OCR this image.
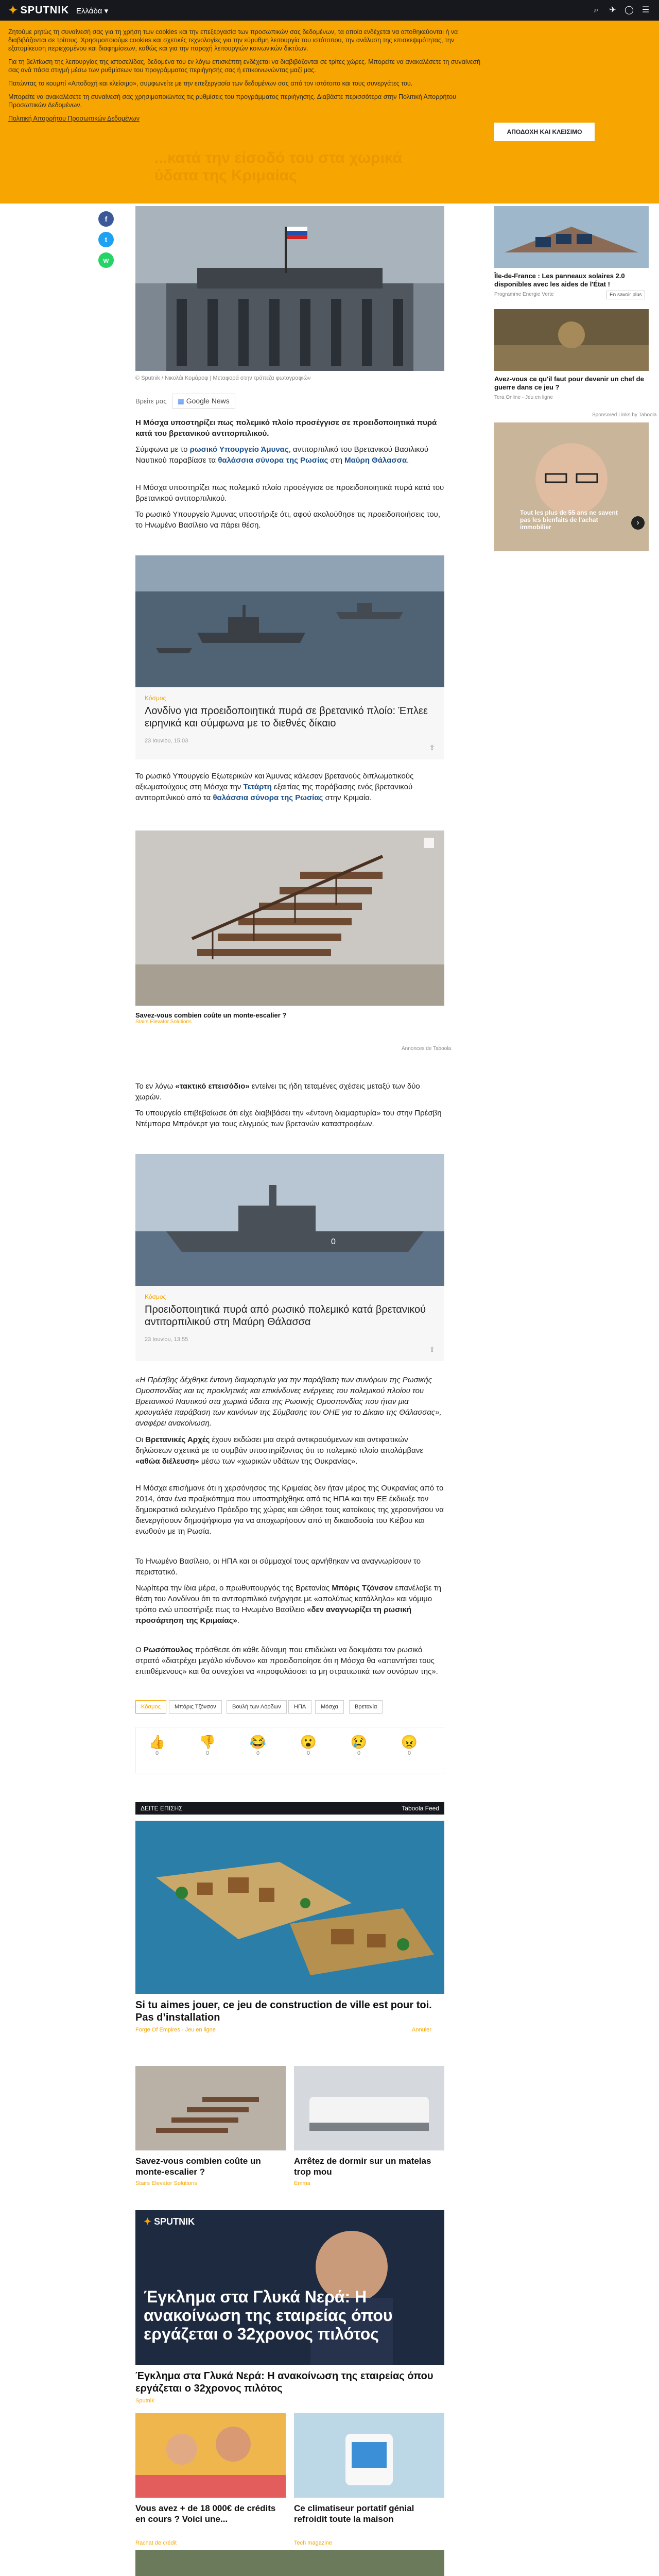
✦ SPUTNIK Ελλάδα ▾	⌕	✈ ◯ ☰
...κατά την είσοδό του στα χωρικά ύδατα της Κριμαίας

Ζητούμε ρητώς τη συναίνεσή σας για τη χρήση των cookies και την επεξεργασία των προσωπικών σας δεδομένων, τα οποία ενδέχεται να αποθηκεύονται ή να διαβιβάζονται σε τρίτους. Χρησιμοποιούμε cookies και σχετικές τεχνολογίες για την εύρυθμη λειτουργία του ιστότοπου, την ανάλυση της επισκεψιμότητας, την εξατομίκευση περιεχομένου και διαφημίσεων, καθώς και για την παροχή λειτουργιών κοινωνικών δικτύων.

Για τη βελτίωση της λειτουργίας της ιστοσελίδας, δεδομένα του εν λόγω επισκέπτη ενδέχεται να διαβιβάζονται σε τρίτες χώρες. Μπορείτε να ανακαλέσετε τη συναίνεσή σας ανά πάσα στιγμή μέσω των ρυθμίσεων του προγράμματος περιήγησής σας ή επικοινωνώντας μαζί μας.

Πατώντας το κουμπί «Αποδοχή και κλείσιμο», συμφωνείτε με την επεξεργασία των δεδομένων σας από τον ιστότοπο και τους συνεργάτες του.

Μπορείτε να ανακαλέσετε τη συναίνεσή σας χρησιμοποιώντας τις ρυθμίσεις του προγράμματος περιήγησης. Διαβάστε περισσότερα στην Πολιτική Απορρήτου Προσωπικών Δεδομένων.

Πολιτική Απορρήτου Προσωπικών Δεδομένων

ΑΠΟΔΟΧΗ ΚΑΙ ΚΛΕΙΣΙΜΟ
f
t
w
© Sputnik / Νικολάι Κομάροφ | Μεταφορά στην τράπεζα φωτογραφιών
Βρείτε μας	▦ Google News
Η Μόσχα υποστηρίζει πως πολεμικό πλοίο προσέγγισε σε προειδοποιητικά πυρά κατά του βρετανικού αντιτορπιλικού.
Σύμφωνα με το ρωσικό Υπουργείο Άμυνας, αντιτορπιλικό του Βρετανικού Βασιλικού Ναυτικού παραβίασε τα θαλάσσια σύνορα της Ρωσίας στη Μαύρη Θάλασσα.
Η Μόσχα υποστηρίζει πως πολεμικό πλοίο προσέγγισε σε προειδοποιητικά πυρά κατά του βρετανικού αντιτορπιλικού.
Το ρωσικό Υπουργείο Άμυνας υποστήριξε ότι, αφού ακολούθησε τις προειδοποιήσεις του, το Ηνωμένο Βασίλειο να πάρει θέση.
Κόσμος
Λονδίνο για προειδοποιητικά πυρά σε βρετανικό πλοίο: Έπλεε ειρηνικά και σύμφωνα με το διεθνές δίκαιο
23 Ιουνίου, 15:03
⇪
Το ρωσικό Υπουργείο Εξωτερικών και Άμυνας κάλεσαν βρετανούς διπλωματικούς αξιωματούχους στη Μόσχα την Τετάρτη εξαιτίας της παράβασης ενός βρετανικού αντιτορπιλικού από τα θαλάσσια σύνορα της Ρωσίας στην Κριμαία.
Savez-vous combien coûte un monte-escalier ?
Stairs Elevator Solutions
Annonces de Taboola
Το εν λόγω «τακτικό επεισόδιο» εντείνει τις ήδη τεταμένες σχέσεις μεταξύ των δύο χωρών.
Το υπουργείο επιβεβαίωσε ότι είχε διαβιβάσει την «έντονη διαμαρτυρία» του στην Πρέσβη Ντέμπορα Μπρόνερτ για τους ελιγμούς των βρετανών καταστροφέων.
0
Κόσμος
Προειδοποιητικά πυρά από ρωσικό πολεμικό κατά βρετανικού αντιτορπιλικού στη Μαύρη Θάλασσα
23 Ιουνίου, 13:55
⇪
«Η Πρέσβης δέχθηκε έντονη διαμαρτυρία για την παράβαση των συνόρων της Ρωσικής Ομοσπονδίας και τις προκλητικές και επικίνδυνες ενέργειες του πολεμικού πλοίου του Βρετανικού Ναυτικού στα χωρικά ύδατα της Ρωσικής Ομοσπονδίας που ήταν μια κραυγαλέα παράβαση των κανόνων της Σύμβασης του ΟΗΕ για το Δίκαιο της Θάλασσας», αναφέρει ανακοίνωση.
Οι Βρετανικές Αρχές έχουν εκδώσει μια σειρά αντικρουόμενων και αντιφατικών δηλώσεων σχετικά με το συμβάν υποστηρίζοντας ότι το πολεμικό πλοίο απολάμβανε «αθώα διέλευση» μέσω των «χωρικών υδάτων της Ουκρανίας».
Η Μόσχα επισήμανε ότι η χερσόνησος της Κριμαίας δεν ήταν μέρος της Ουκρανίας από το 2014, όταν ένα πραξικόπημα που υποστηρίχθηκε από τις ΗΠΑ και την ΕΕ έκδιωξε τον δημοκρατικά εκλεγμένο Πρόεδρο της χώρας και ώθησε τους κατοίκους της χερσονήσου να διενεργήσουν δημοψήφισμα για να αποχωρήσουν από τη δικαιοδοσία του Κιέβου και ενωθούν με τη Ρωσία.
Το Ηνωμένο Βασίλειο, οι ΗΠΑ και οι σύμμαχοί τους αρνήθηκαν να αναγνωρίσουν το περιστατικό.
Νωρίτερα την ίδια μέρα, ο πρωθυπουργός της Βρετανίας Μπόρις Τζόνσον επανέλαβε τη θέση του Λονδίνου ότι το αντιτορπιλικό ενήργησε με «απολύτως κατάλληλο» και νόμιμο τρόπο ενώ υποστήριξε πως το Ηνωμένο Βασίλειο «δεν αναγνωρίζει τη ρωσική προσάρτηση της Κριμαίας».
Ο Ρωσόπουλος πρόσθεσε ότι κάθε δύναμη που επιδιώκει να δοκιμάσει τον ρωσικό στρατό «διατρέχει μεγάλο κίνδυνο» και προειδοποίησε ότι η Μόσχα θα «απαντήσει τους επιτιθέμενους» και θα συνεχίσει να «προφυλάσσει τα μη στρατιωτικά των συνόρων της».
Κόσμος	Μπόρις Τζόνσον	Βουλή των Λόρδων	ΗΠΑ	Μόσχα	Βρετανία
👍
0
👎
0
😂
0
😮
0
😢
0
😠
0
ΔΕΙΤΕ ΕΠΙΣΗΣ	Taboola Feed
Si tu aimes jouer, ce jeu de construction de ville est pour toi. Pas d’installation
Forge Of Empires - Jeu en ligne	Annuler
Savez-vous combien coûte un monte-escalier ?
Arrêtez de dormir sur un matelas trop mou
Stairs Elevator Solutions	Emma
✦ SPUTNIK
Έγκλημα στα Γλυκά Νερά: Η ανακοίνωση της εταιρείας όπου εργάζεται ο 32χρονος πιλότος
Έγκλημα στα Γλυκά Νερά: Η ανακοίνωση της εταιρείας όπου εργάζεται ο 32χρονος πιλότος
Sputnik
Vous avez + de 18 000€ de crédits en cours ? Voici une...
Ce climatiseur portatif génial refroidit toute la maison
Rachat de crédit	Tech magazine
Île-de-France : Les panneaux solaires 2.0 disponibles avec les aides de l'État !
Programme Energie Verte	En savoir plus
Avez-vous ce qu'il faut pour devenir un chef de guerre dans ce jeu ?
Tera Online - Jeu en ligne
Sponsored Links by Taboola
Tout les plus de 55 ans ne savent pas les bienfaits de l'achat immobilier	›
